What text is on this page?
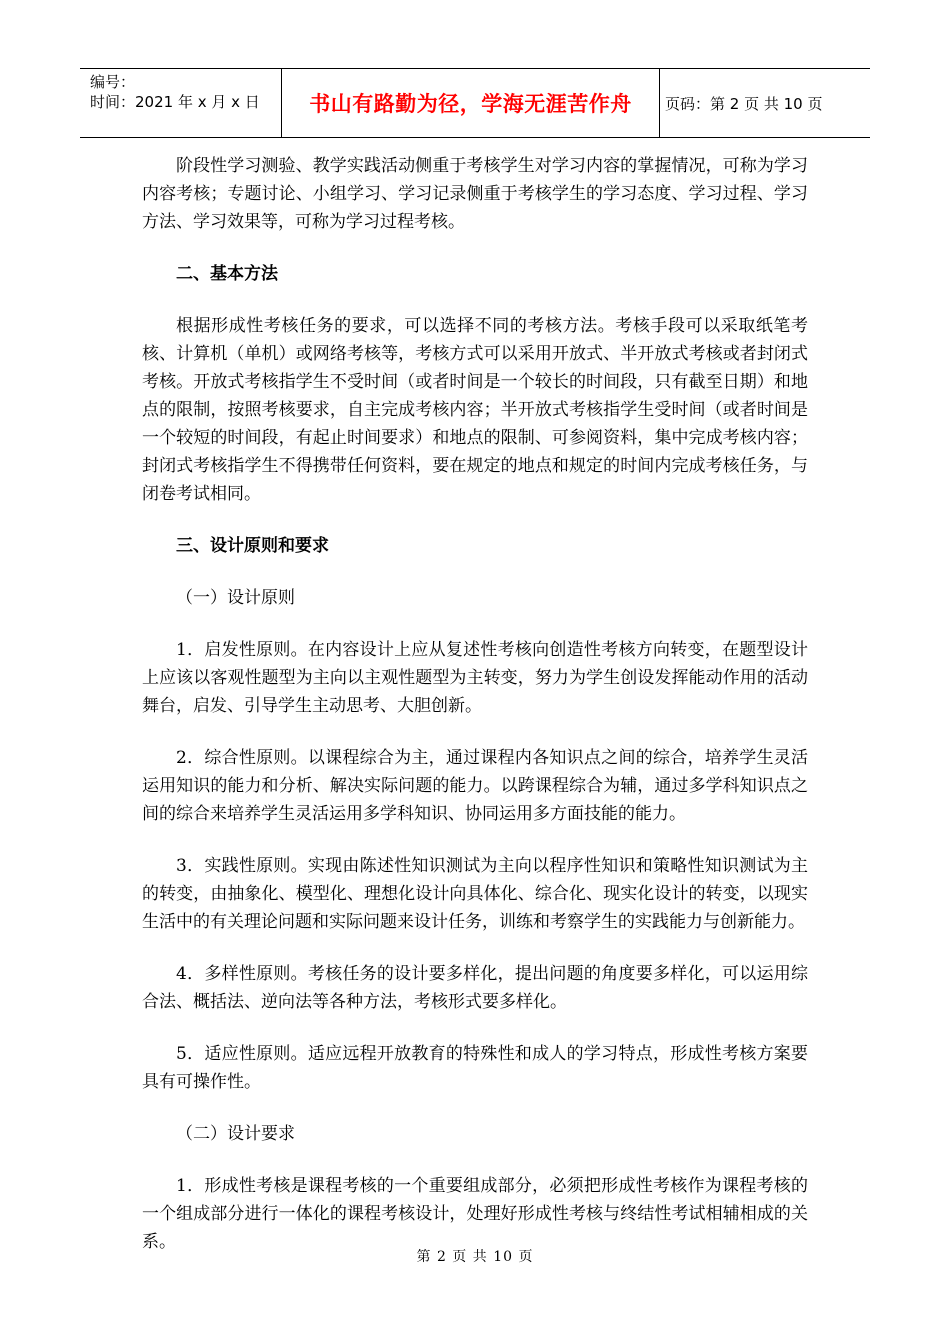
编号：
时间：2021 年 x 月 x 日	书山有路勤为径，学海无涯苦作舟	页码：第 2 页 共 10 页

阶段性学习测验、教学实践活动侧重于考核学生对学习内容的掌握情况，可称为学习内容考核；专题讨论、小组学习、学习记录侧重于考核学生的学习态度、学习过程、学习方法、学习效果等，可称为学习过程考核。

二、基本方法

根据形成性考核任务的要求，可以选择不同的考核方法。考核手段可以采取纸笔考核、计算机（单机）或网络考核等，考核方式可以采用开放式、半开放式考核或者封闭式考核。开放式考核指学生不受时间（或者时间是一个较长的时间段，只有截至日期）和地点的限制，按照考核要求，自主完成考核内容；半开放式考核指学生受时间（或者时间是一个较短的时间段，有起止时间要求）和地点的限制、可参阅资料，集中完成考核内容；封闭式考核指学生不得携带任何资料，要在规定的地点和规定的时间内完成考核任务，与闭卷考试相同。

三、设计原则和要求

（一）设计原则

1．启发性原则。在内容设计上应从复述性考核向创造性考核方向转变，在题型设计上应该以客观性题型为主向以主观性题型为主转变，努力为学生创设发挥能动作用的活动舞台，启发、引导学生主动思考、大胆创新。

2．综合性原则。以课程综合为主，通过课程内各知识点之间的综合，培养学生灵活运用知识的能力和分析、解决实际问题的能力。以跨课程综合为辅，通过多学科知识点之间的综合来培养学生灵活运用多学科知识、协同运用多方面技能的能力。

3．实践性原则。实现由陈述性知识测试为主向以程序性知识和策略性知识测试为主的转变，由抽象化、模型化、理想化设计向具体化、综合化、现实化设计的转变，以现实生活中的有关理论问题和实际问题来设计任务，训练和考察学生的实践能力与创新能力。

4．多样性原则。考核任务的设计要多样化，提出问题的角度要多样化，可以运用综合法、概括法、逆向法等各种方法，考核形式要多样化。

5．适应性原则。适应远程开放教育的特殊性和成人的学习特点，形成性考核方案要具有可操作性。

（二）设计要求

1．形成性考核是课程考核的一个重要组成部分，必须把形成性考核作为课程考核的一个组成部分进行一体化的课程考核设计，处理好形成性考核与终结性考试相辅相成的关系。

第 2 页 共 10 页
